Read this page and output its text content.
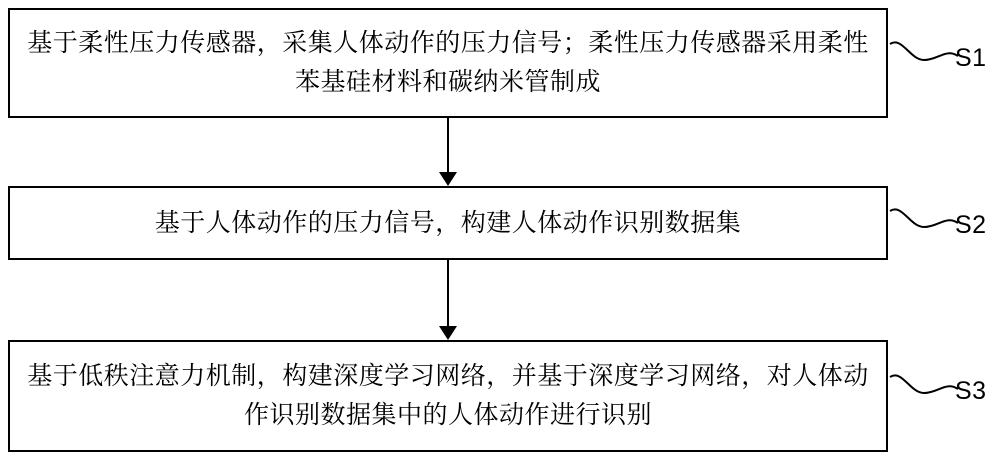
基于柔性压力传感器，采集人体动作的压力信号；柔性压力传感器采用柔性苯基硅材料和碳纳米管制成
S1
基于人体动作的压力信号，构建人体动作识别数据集	S2
基于低秩注意力机制，构建深度学习网络，并基于深度学习网络，对人体动作识别数据集中的人体动作进行识别
S3
